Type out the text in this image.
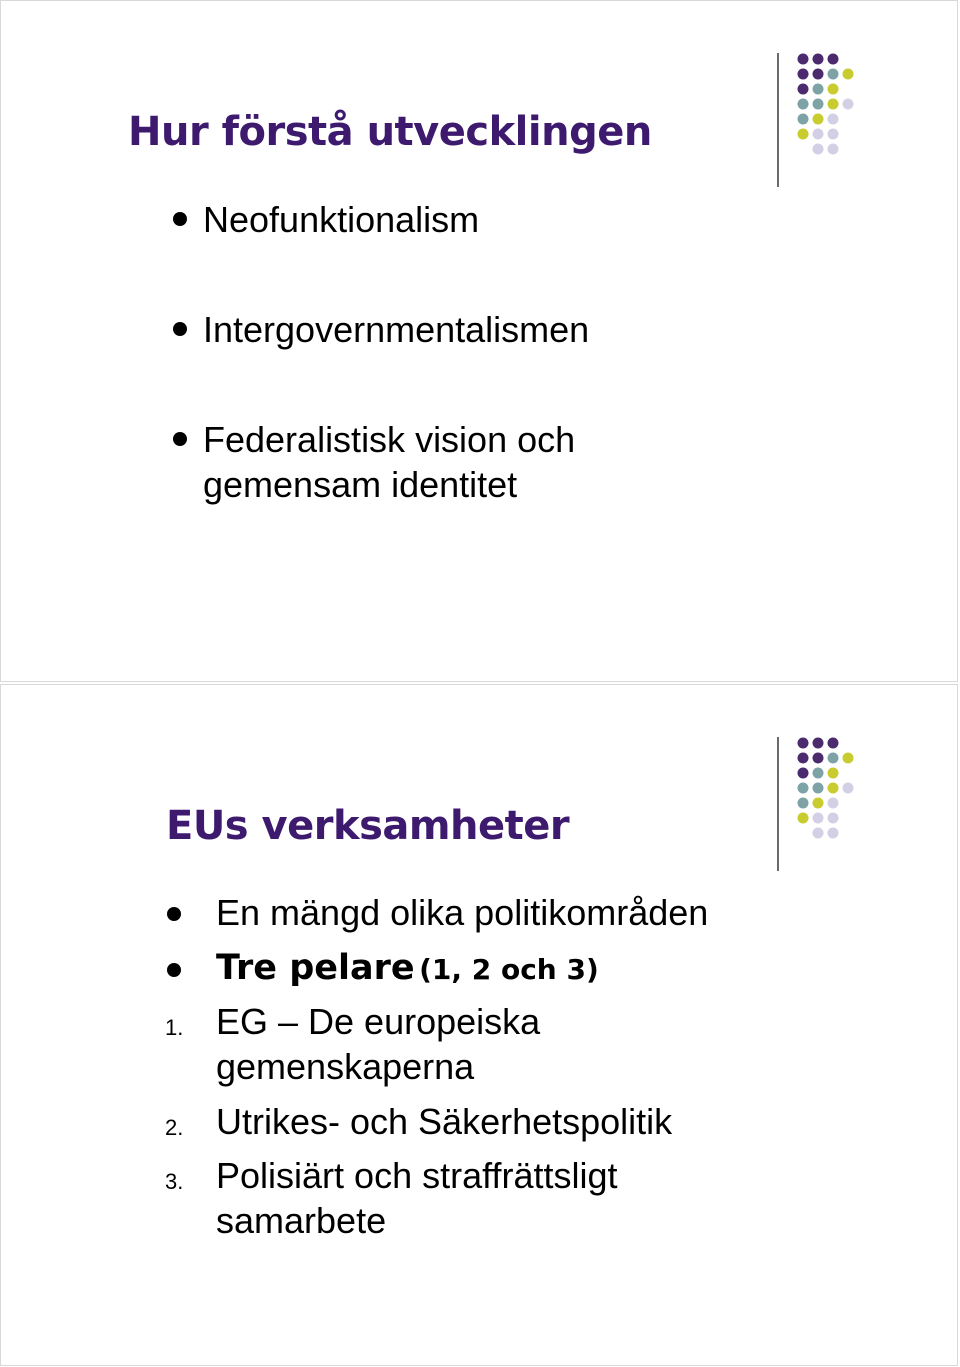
Hur förstå utvecklingen
Neofunktionalism
Intergovernmentalismen
Federalistisk vision och
gemensam identitet
EUs verksamheter
En mängd olika politikområden
Tre pelare (1, 2 och 3)
1. EG – De europeiska
gemenskaperna
2. Utrikes- och Säkerhetspolitik
3. Polisiärt och straffrättsligt
samarbete
